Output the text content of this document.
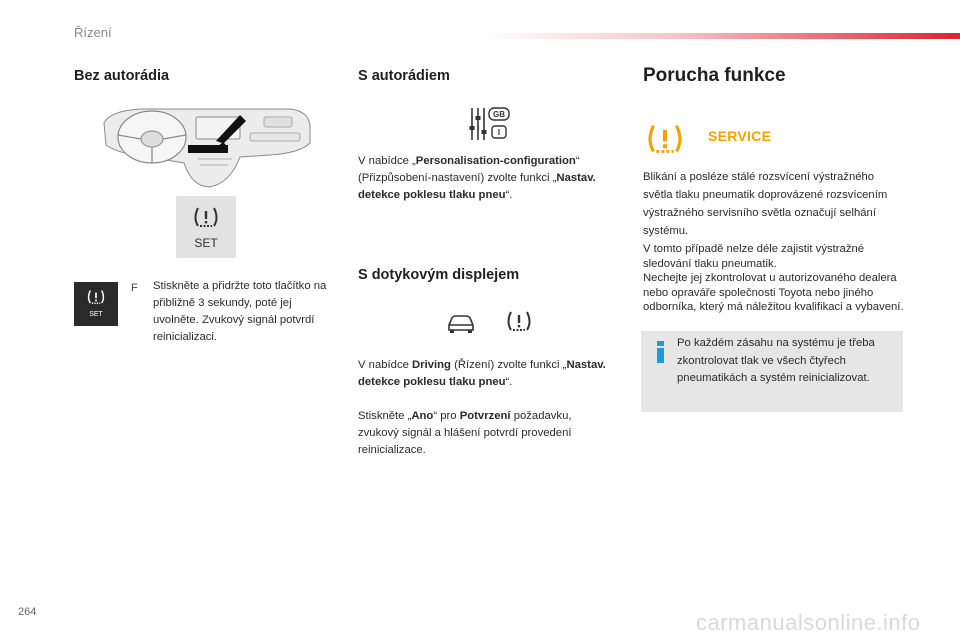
Řízení
Bez autorádia
SET
SET
F Stiskněte a přidržte toto tlačítko na přibližně 3 sekundy, poté jej uvolněte. Zvukový signál potvrdí reinicializaci.
S autorádiem
GB
I
V nabídce „Personalisation-configuration“ (Přizpůsobení-nastavení) zvolte funkci „Nastav. detekce poklesu tlaku pneu“.
S dotykovým displejem
V nabídce Driving (Řízení) zvolte funkci „Nastav. detekce poklesu tlaku pneu“.
Stiskněte „Ano“ pro Potvrzení požadavku, zvukový signál a hlášení potvrdí provedení reinicializace.
Porucha funkce
SERVICE
Blikání a posléze stálé rozsvícení výstražného světla tlaku pneumatik doprovázené rozsvícením výstražného servisního světla označují selhání systému.
V tomto případě nelze déle zajistit výstražné sledování tlaku pneumatik.
Nechejte jej zkontrolovat u autorizovaného dealera nebo opraváře společnosti Toyota nebo jiného odborníka, který má náležitou kvalifikaci a vybavení.
Po každém zásahu na systému je třeba zkontrolovat tlak ve všech čtyřech pneumatikách a systém reinicializovat.
264	carmanualsonline.info
